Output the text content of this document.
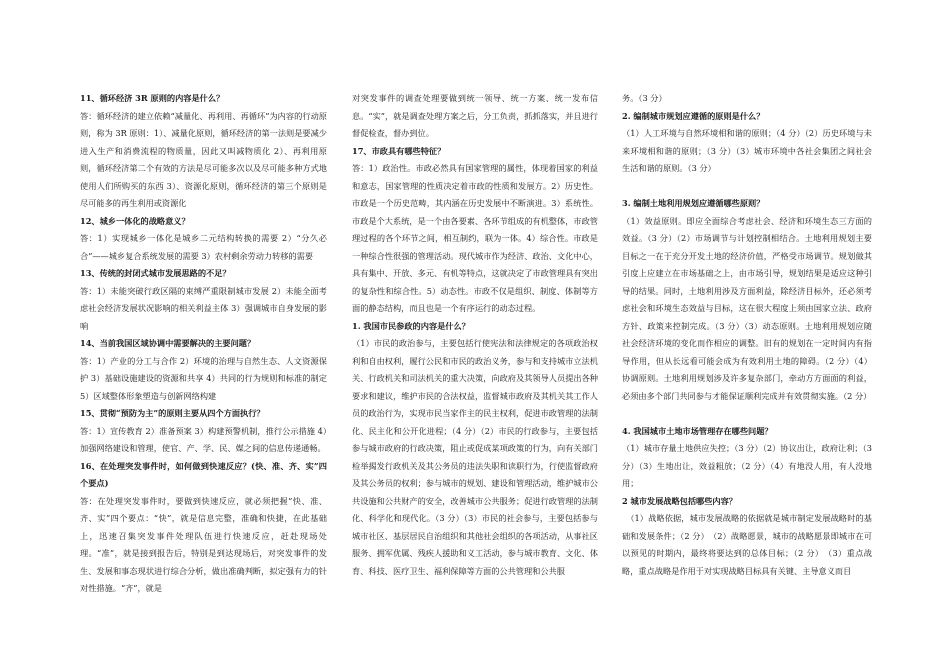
11、循环经济 3R 原则的内容是什么？

答：循环经济的建立依赖“减量化、再利用、再循环”为内容的行动原则，称为 3R 原则：1）、减量化原则，循环经济的第一法则是要减少进入生产和消费流程的物质量，因此又叫减物质化 2）、再利用原则，循环经济第二个有效的方法是尽可能多次以及尽可能多种方式地使用人们所购买的东西 3）、资源化原则，循环经济的第三个原则是尽可能多的再生利用或资源化

12、城乡一体化的战略意义？

答：1）实现城乡一体化是城乡二元结构转换的需要 2）“分久必合”——城乡复合系统发展的需要 3）农村剩余劳动力转移的需要

13、传统的封闭式城市发展思路的不足？

答：1）未能突破行政区隔的束缚严重限制城市发展 2）未能全面考虑社会经济发展状况影响的相关利益主体 3）强调城市自身发展的影响

14、当前我国区域协调中需要解决的主要问题？

答：1）产业的分工与合作 2）环境的治理与自然生态、人文资源保护 3）基础设施建设的资源和共享 4）共同的行为规则和标准的制定 5）区域整体形象塑造与创新网络构建

15、贯彻“预防为主”的原则主要从四个方面执行？

答：1）宣传教育 2）准备预案 3）构建预警机制，推行公示措施 4）加强网络建设和管理，使官、产、学、民、媒之间的信息传递通畅。

16、在处理突发事件时，如何做到快速反应？(快、准、齐、实”四个要点)

答：在处理突发事件时，要做到快速反应，就必须把握”快、准、齐、实”四个要点：“快”，就是信息完整，准确和快捷，在此基础上，迅速召集突发事件处理队伍进行快速反应，赶赴现场处理。“准”，就是接到报告后，特别是到达现场后，对突发事件的发生、发展和事态现状进行综合分析，做出准确判断，拟定强有力的针对性措施。“齐”，就是

对突发事件的调查处理要做到统一领导、统一方案、统一发布信息。“实”，就是调查处理方案之后，分工负责，抓抓落实，并且进行督促检查，督办到位。

17、市政具有哪些特征？

答：1）政治性。市政必然具有国家管理的属性，体现着国家的利益和意志，国家管理的性质决定着市政的性质和发展方。2）历史性。市政是一个历史范畴，其内涵在历史发展中不断演进。3）系统性。市政是个大系统，是一个由各要素、各环节组成的有机整体，市政管理过程的各个环节之间，相互制约，联为一体。4）综合性。市政是一种综合性很强的管理活动。现代城市作为经济、政治、文化中心，具有集中、开放、多元、有机等特点，这就决定了市政管理具有突出的复杂性和综合性。5）动态性。市政不仅是组织、制度、体制等方面的静态结构，而且也是一个有序运行的动态过程。

1. 我国市民参政的内容是什么？

（1）市民的政治参与，主要包括行使宪法和法律规定的各项政治权利和自由权利，履行公民和市民的政治义务，参与和支持城市立法机关、行政机关和司法机关的重大决策，向政府及其领导人员提出各种要求和建议，维护市民的合法权益，监督城市政府及其机关其工作人员的政治行为，实现市民当家作主的民主权利，促进市政管理的法制化、民主化和公开化进程；（4 分）（2）市民的行政参与，主要包括参与城市政府的行政决策，阻止或促成某项政策的行为，向有关部门检举揭发行政机关及其公务员的违法失职和读职行为，行使监督政府及其公务员的权利；参与城市的规划、建设和管理活动，维护城市公共设施和公共财产的安全，改善城市公共服务；促进行政管理的法制化、科学化和现代化。（3 分）（3）市民的社会参与，主要包括参与城市社区、基层居民自治组织和其他社会组织的各项活动，从事社区服务、拥军优属、残疾人援助和义工活动，参与城市教育、文化、体育、科技、医疗卫生、福利保障等方面的公共管理和公共服

务。（3 分）

2. 编制城市规划应遵循的原则是什么？

（1）人工环境与自然环境相和谐的原则；（4 分）（2）历史环境与未来环境相和谐的原则；（3 分）（3）城市环境中各社会集团之间社会生活和谐的原则。（3 分）

3. 编制土地利用规划应遵循哪些原则？

（1）效益原则。即应全面综合考虑社会、经济和环境生态三方面的效益。（3 分）（2）市场调节与计划控制相结合。土地利用规划主要目标之一在于充分开发土地的经济价值，严格受市场调节。规划做其引度上应建立在市场基础之上，由市场引导，规划结果是适应这种引导的结果。同时，土地利用涉及方面利益，除经济目标外，还必须考虑社会和环境生态效益与目标，这在很大程度上须由国家立法、政府方针、政策来控制完成。（3 分）（3）动态原则。土地利用规划应随社会经济环境的变化而作相应的调整。旧有的规划在一定时间内有指导作用，但从长远看可能会成为有效利用土地的障碍。（2 分）（4）协调原则。土地利用规划涉及许多复杂部门，牵动方方面面的利益，必须由多个部门共同参与才能保证顺利完成并有效贯彻实施。（2 分）

4. 我国城市土地市场管理存在哪些问题？

（1）城市存量土地供应失控；（3 分）（2）协议出让，政府让利；（3 分）（3）生地出让，效益粗放；（2 分）（4）有地没人用，有人没地用；

2 城市发展战略包括哪些内容？

　（1）战略依据，城市发展战略的依据就是城市制定发展战略时的基础和发展条件；（2 分）　（2）战略愿景，城市的战略愿景即城市在可以预见的时期内，最终将要达到的总体目标；（2 分）　（3）重点战略，重点战略是作用于对实现战略目标具有关键、主导意义而目
